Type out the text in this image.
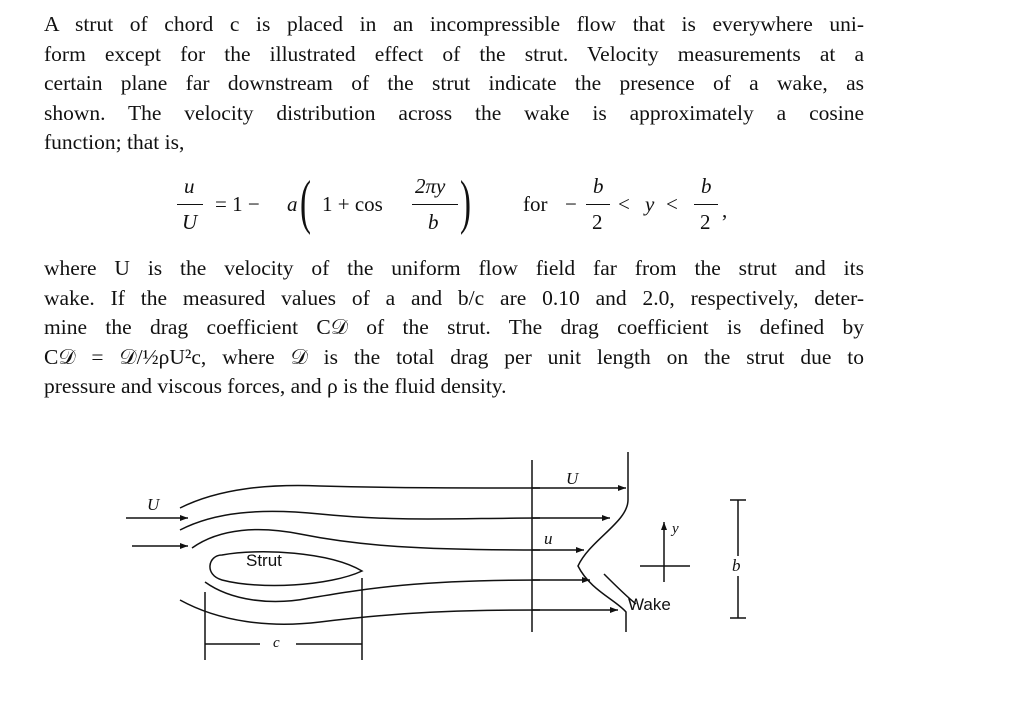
A strut of chord c is placed in an incompressible flow that is everywhere uni-
form except for the illustrated effect of the strut. Velocity measurements at a
certain plane far downstream of the strut indicate the presence of a wake, as
shown. The velocity distribution across the wake is approximately a cosine
function; that is,
u
U
= 1 − a ( 1 + cos
2πy
b ) for −
b
2
< y <
b
2 ,
where U is the velocity of the uniform flow field far from the strut and its
wake. If the measured values of a and b/c are 0.10 and 2.0, respectively, deter-
mine the drag coefficient C𝒟 of the strut. The drag coefficient is defined by
C𝒟 = 𝒟/½ρU²c, where 𝒟 is the total drag per unit length on the strut due to
pressure and viscous forces, and ρ is the fluid density.
U
Strut
U
u	y
Wake
b
c
